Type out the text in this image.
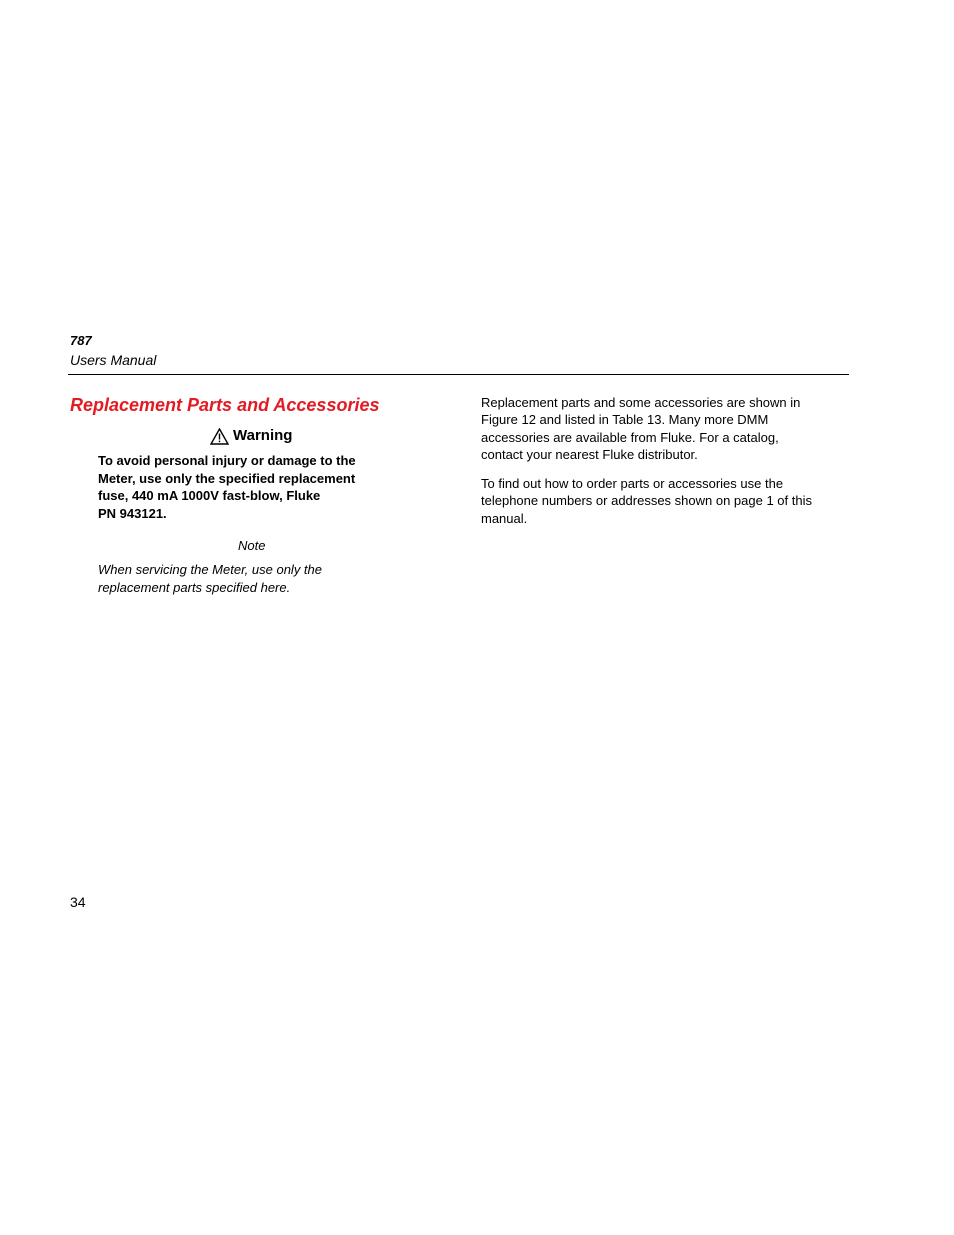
787
Users Manual
Replacement Parts and Accessories
Warning
To avoid personal injury or damage to the
Meter, use only the specified replacement
fuse, 440 mA 1000V fast-blow, Fluke
PN 943121.
Note
When servicing the Meter, use only the
replacement parts specified here.
Replacement parts and some accessories are shown in
Figure 12 and listed in Table 13. Many more DMM
accessories are available from Fluke. For a catalog,
contact your nearest Fluke distributor.
To find out how to order parts or accessories use the
telephone numbers or addresses shown on page 1 of this
manual.
34
